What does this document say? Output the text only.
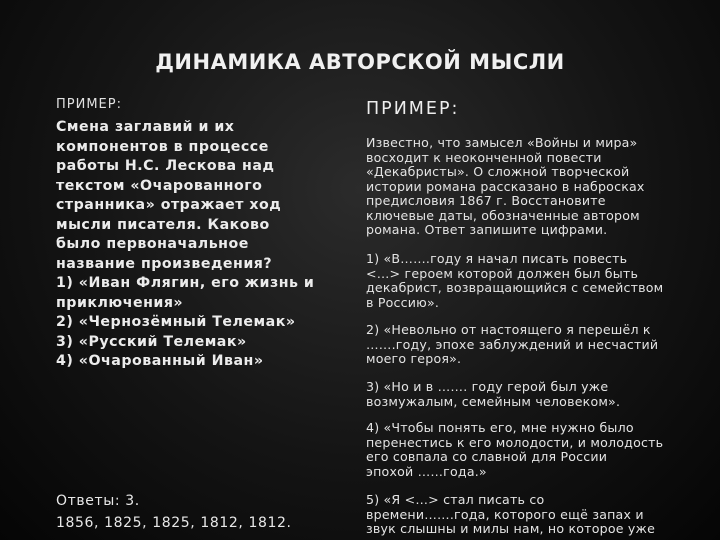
ДИНАМИКА АВТОРСКОЙ МЫСЛИ
ПРИМЕР:
Смена заглавий и их
компонентов в процессе
работы Н.С. Лескова над
текстом «Очарованного
странника» отражает ход
мысли писателя. Каково
было первоначальное
название произведения?
1) «Иван Флягин, его жизнь и
приключения»
2) «Чернозёмный Телемак»
3) «Русский Телемак»
4) «Очарованный Иван»
Ответы: 3.
1856, 1825, 1825, 1812, 1812.
ПРИМЕР:
Известно, что замысел «Войны и мира»
восходит к неоконченной повести
«Декабристы». О сложной творческой
истории романа рассказано в набросках
предисловия 1867 г. Восстановите
ключевые даты, обозначенные автором
романа. Ответ запишите цифрами.
1) «В…….году я начал писать повесть
<…> героем которой должен был быть
декабрист, возвращающийся с семейством
в Россию».
2) «Невольно от настоящего я перешёл к
…….году, эпохе заблуждений и несчастий
моего героя».
3) «Но и в ……. году герой был уже
возмужалым, семейным человеком».
4) «Чтобы понять его, мне нужно было
перенестись к его молодости, и молодость
его совпала со славной для России
эпохой ……года.»
5) «Я <…> стал писать со
времени…….года, которого ещё запах и
звук слышны и милы нам, но которое уже
